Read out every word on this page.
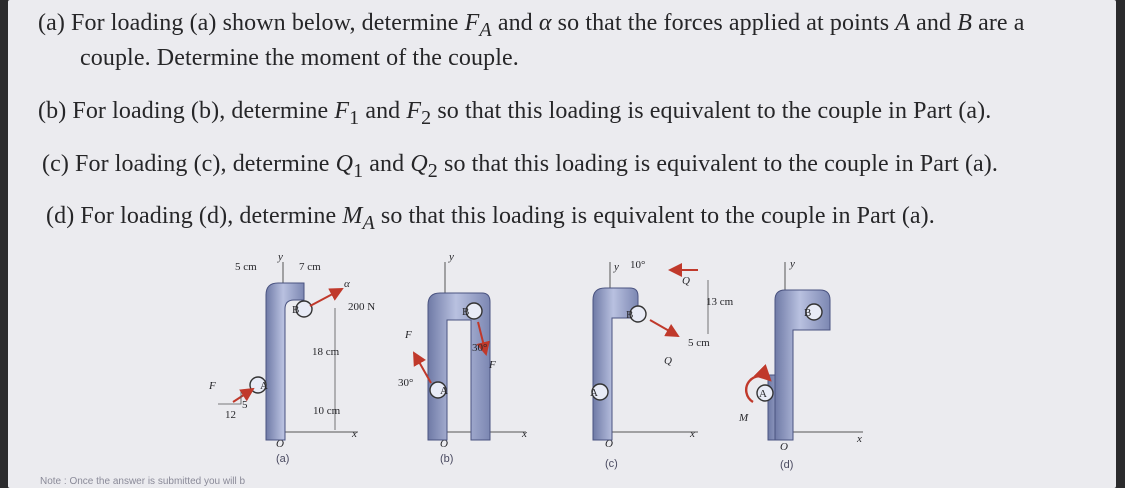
(a) For loading (a) shown below, determine $F_A$ and α so that the forces applied at points A and B are a
couple. Determine the moment of the couple.
(b) For loading (b), determine $F_1$ and $F_2$ so that this loading is equivalent to the couple in Part (a).
(c) For loading (c), determine $Q_1$ and $Q_2$ so that this loading is equivalent to the couple in Part (a).
(d) For loading (d), determine $M_A$ so that this loading is equivalent to the couple in Part (a).
5 cm	7 cm
y
α
200 N
B
A
18 cm
10 cm
F
5
12
x
O
(a)
y
B
A
F
F
30°
30°
x
O
(b)
y 10°
Q
13 cm
B
5 cm
Q
A
x
O
(c)
y
B
A
M
x
O
(d)
Note : Once the answer is submitted you will b
